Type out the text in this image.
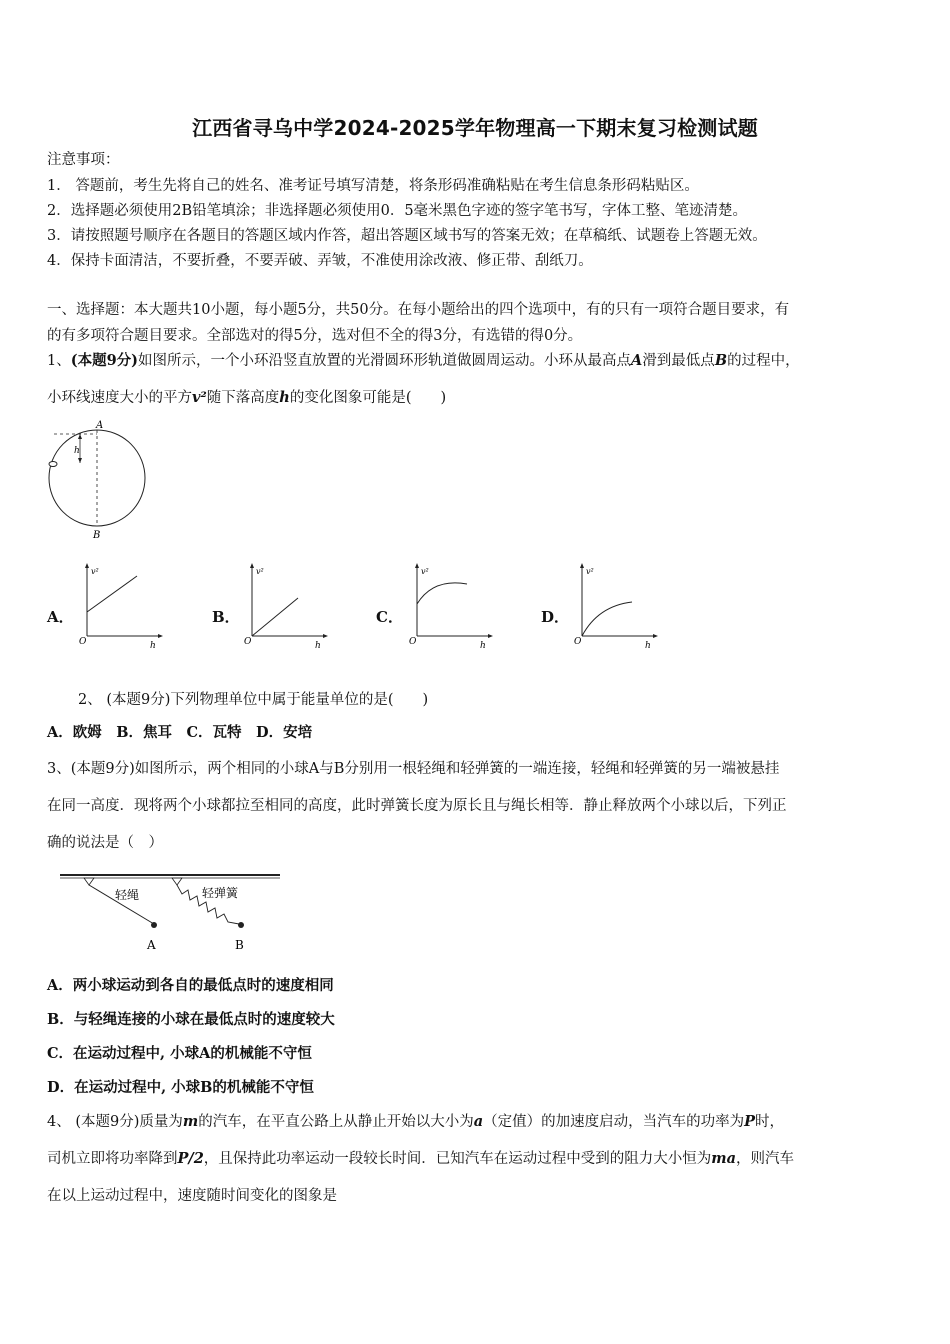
江西省寻乌中学2024-2025学年物理高一下期末复习检测试题
注意事项：
1． 答题前，考生先将自己的姓名、准考证号填写清楚，将条形码准确粘贴在考生信息条形码粘贴区。
2．选择题必须使用2B铅笔填涂；非选择题必须使用0．5毫米黑色字迹的签字笔书写，字体工整、笔迹清楚。
3．请按照题号顺序在各题目的答题区域内作答，超出答题区域书写的答案无效；在草稿纸、试题卷上答题无效。
4．保持卡面清洁，不要折叠，不要弄破、弄皱，不准使用涂改液、修正带、刮纸刀。
一、选择题：本大题共10小题，每小题5分，共50分。在每小题给出的四个选项中，有的只有一项符合题目要求，有
的有多项符合题目要求。全部选对的得5分，选对但不全的得3分，有选错的得0分。
1、(本题9分)如图所示，一个小环沿竖直放置的光滑圆环形轨道做圆周运动。小环从最高点A滑到最低点B的过程中，
小环线速度大小的平方v²随下落高度h的变化图象可能是(　　)
A
B
h
A．
v²
h
O
B．
v²
h
O
C．
v²
h
O
D．
v²
h
O
2、 (本题9分)下列物理单位中属于能量单位的是(　　)
A．欧姆　B．焦耳　C．瓦特　D．安培
3、(本题9分)如图所示，两个相同的小球A与B分别用一根轻绳和轻弹簧的一端连接，轻绳和轻弹簧的另一端被悬挂
在同一高度．现将两个小球都拉至相同的高度，此时弹簧长度为原长且与绳长相等．静止释放两个小球以后，下列正
确的说法是（　）
轻绳
A
轻弹簧
B
A．两小球运动到各自的最低点时的速度相同
B．与轻绳连接的小球在最低点时的速度较大
C．在运动过程中, 小球A的机械能不守恒
D．在运动过程中, 小球B的机械能不守恒
4、 (本题9分)质量为m的汽车，在平直公路上从静止开始以大小为a（定值）的加速度启动，当汽车的功率为P时，
司机立即将功率降到P/2，且保持此功率运动一段较长时间．已知汽车在运动过程中受到的阻力大小恒为ma，则汽车
在以上运动过程中，速度随时间变化的图象是
